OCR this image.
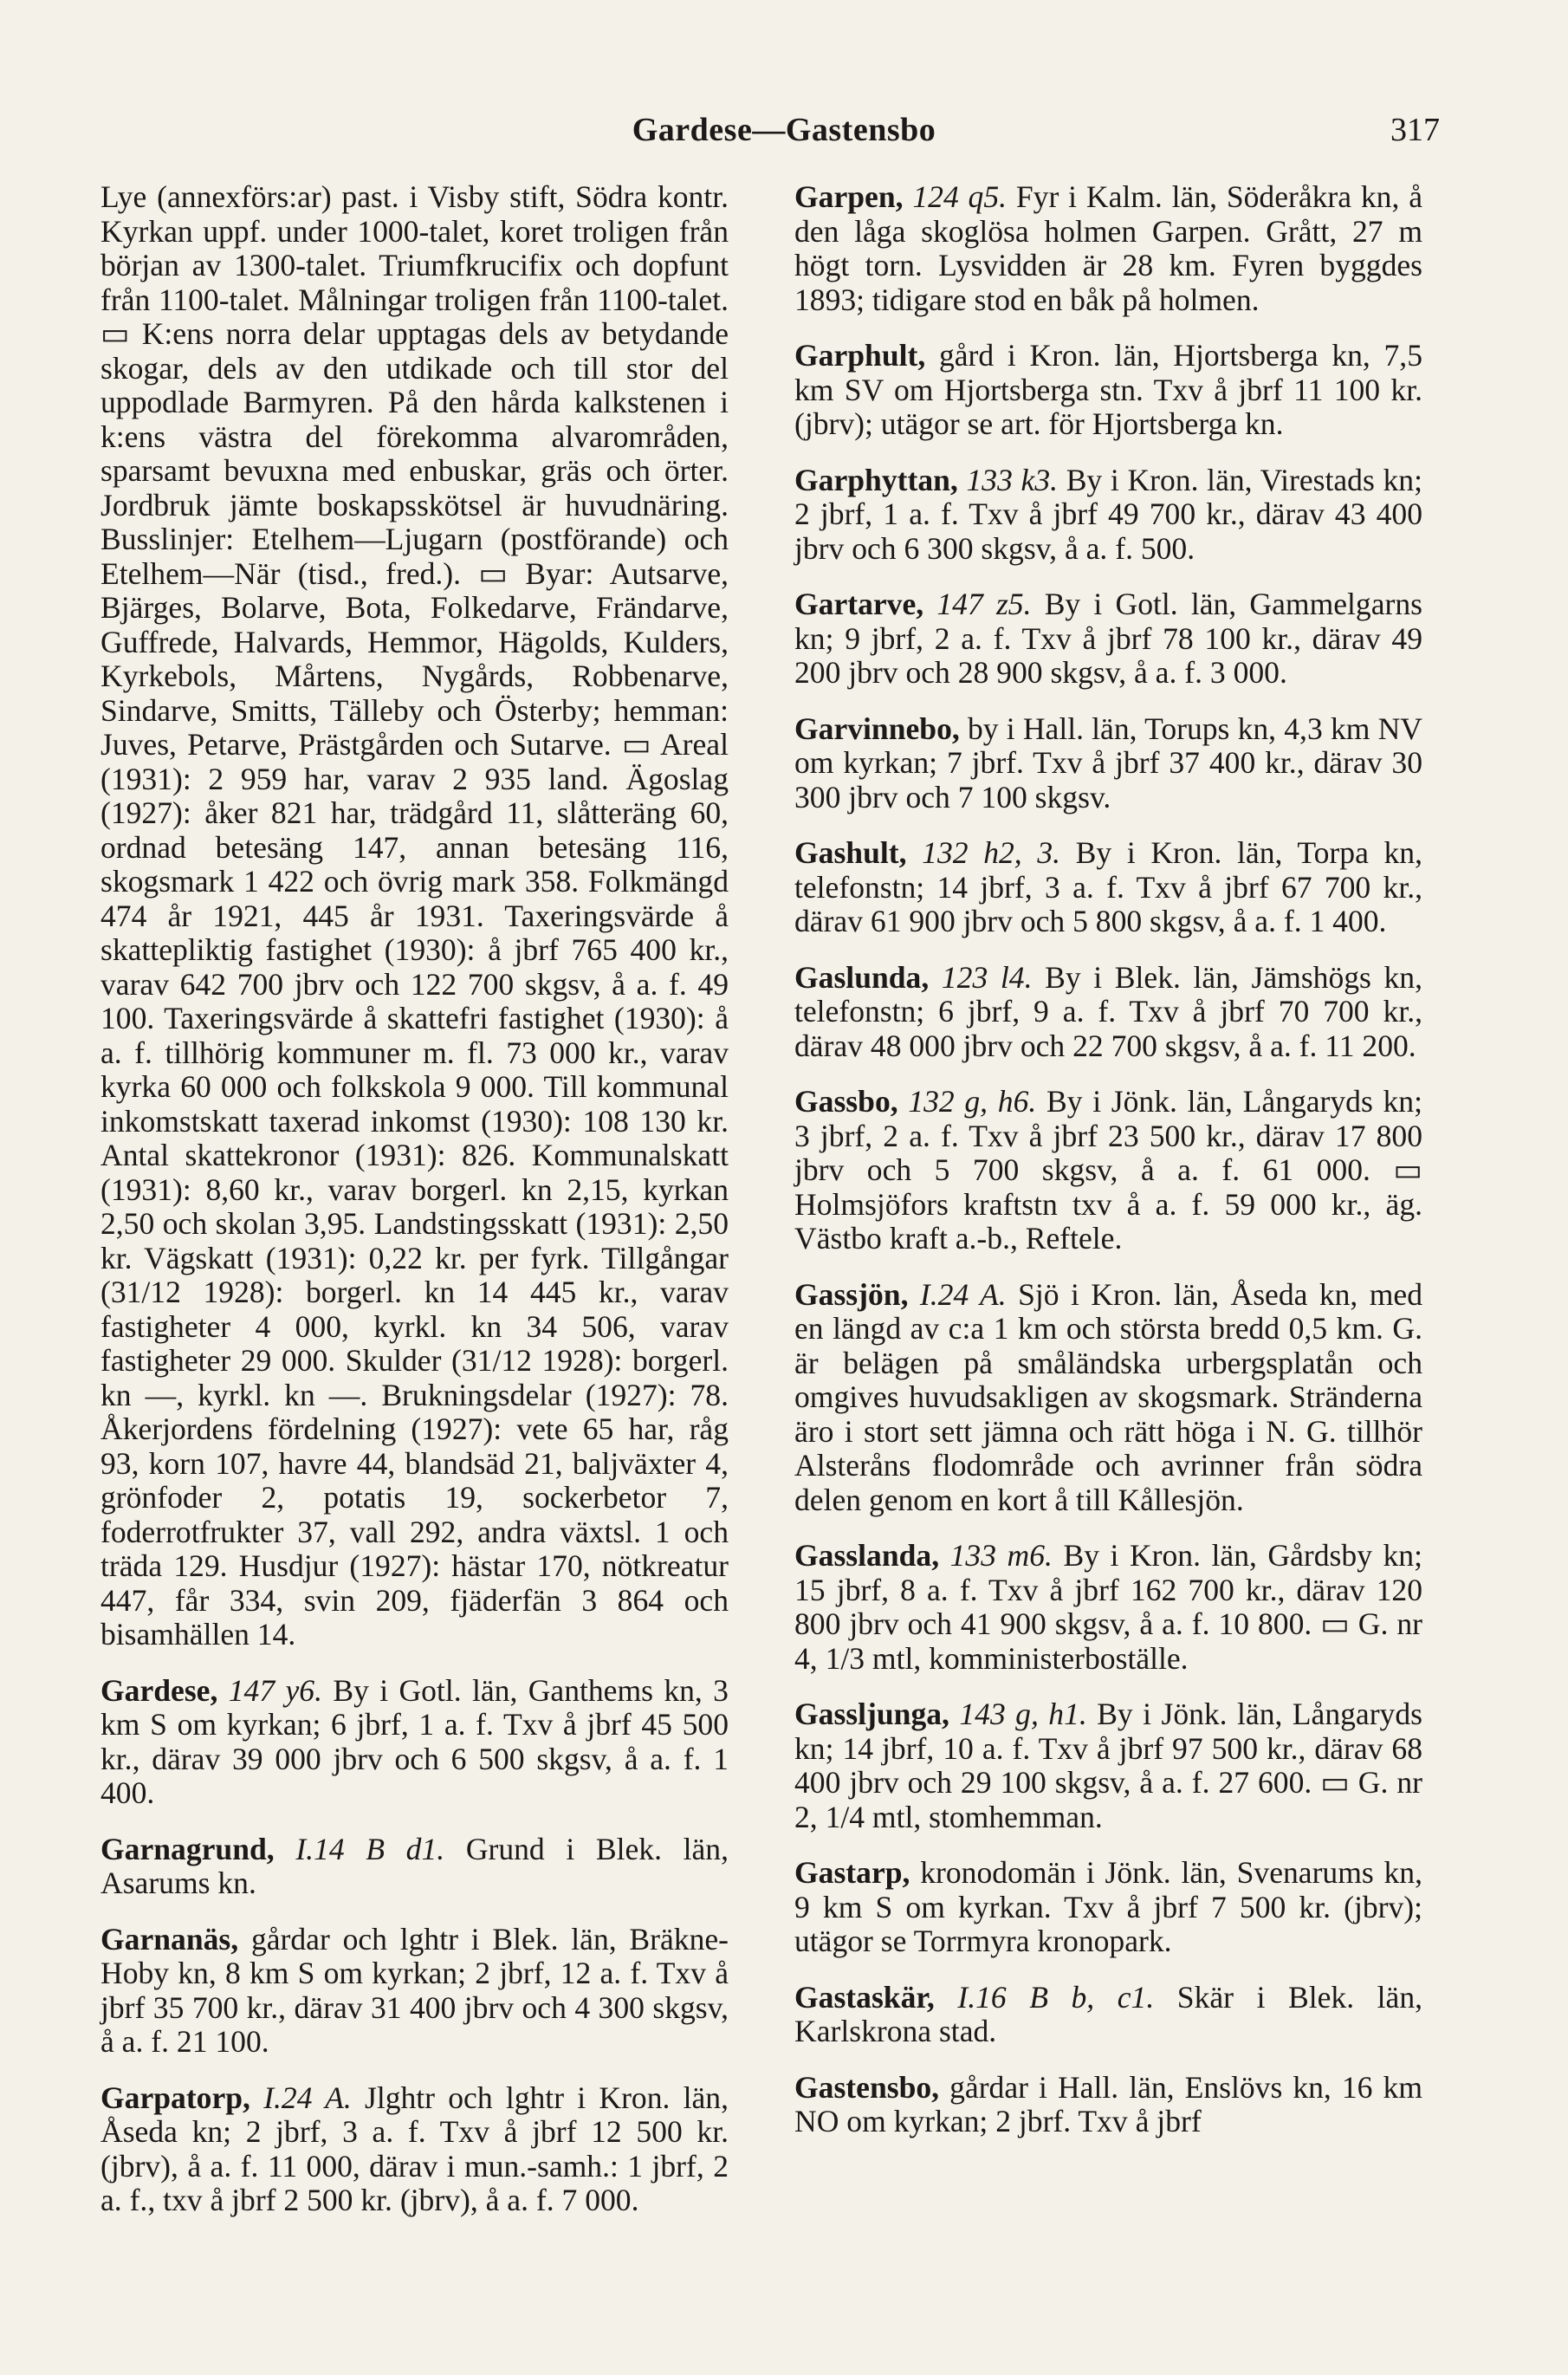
Gardese—Gastensbo	317

Lye (annexförs:ar) past. i Visby stift, Södra kontr. Kyrkan uppf. under 1000-talet, koret troligen från början av 1300-talet. Triumfkrucifix och dopfunt från 1100-talet. Målningar troligen från 1100-talet. ▭ K:ens norra delar upptagas dels av betydande skogar, dels av den utdikade och till stor del uppodlade Barmyren. På den hårda kalkstenen i k:ens västra del förekomma alvarområden, sparsamt bevuxna med enbuskar, gräs och örter. Jordbruk jämte boskapsskötsel är huvudnäring. Busslinjer: Etelhem—Ljugarn (postförande) och Etelhem—När (tisd., fred.). ▭ Byar: Autsarve, Bjärges, Bolarve, Bota, Folkedarve, Frändarve, Guffrede, Halvards, Hemmor, Hägolds, Kulders, Kyrkebols, Mårtens, Nygårds, Robbenarve, Sindarve, Smitts, Tälleby och Österby; hemman: Juves, Petarve, Prästgården och Sutarve. ▭ Areal (1931): 2 959 har, varav 2 935 land. Ägoslag (1927): åker 821 har, trädgård 11, slåtteräng 60, ordnad betesäng 147, annan betesäng 116, skogsmark 1 422 och övrig mark 358. Folkmängd 474 år 1921, 445 år 1931. Taxeringsvärde å skattepliktig fastighet (1930): å jbrf 765 400 kr., varav 642 700 jbrv och 122 700 skgsv, å a. f. 49 100. Taxeringsvärde å skattefri fastighet (1930): å a. f. tillhörig kommuner m. fl. 73 000 kr., varav kyrka 60 000 och folkskola 9 000. Till kommunal inkomstskatt taxerad inkomst (1930): 108 130 kr. Antal skattekronor (1931): 826. Kommunalskatt (1931): 8,60 kr., varav borgerl. kn 2,15, kyrkan 2,50 och skolan 3,95. Landstingsskatt (1931): 2,50 kr. Vägskatt (1931): 0,22 kr. per fyrk. Tillgångar (31/12 1928): borgerl. kn 14 445 kr., varav fastigheter 4 000, kyrkl. kn 34 506, varav fastigheter 29 000. Skulder (31/12 1928): borgerl. kn —, kyrkl. kn —. Brukningsdelar (1927): 78. Åkerjordens fördelning (1927): vete 65 har, råg 93, korn 107, havre 44, blandsäd 21, baljväxter 4, grönfoder 2, potatis 19, sockerbetor 7, foderrotfrukter 37, vall 292, andra växtsl. 1 och träda 129. Husdjur (1927): hästar 170, nötkreatur 447, får 334, svin 209, fjäderfän 3 864 och bisamhällen 14.

Gardese, 147 y6. By i Gotl. län, Ganthems kn, 3 km S om kyrkan; 6 jbrf, 1 a. f. Txv å jbrf 45 500 kr., därav 39 000 jbrv och 6 500 skgsv, å a. f. 1 400.

Garnagrund, I.14 B d1. Grund i Blek. län, Asarums kn.

Garnanäs, gårdar och lghtr i Blek. län, Bräkne-Hoby kn, 8 km S om kyrkan; 2 jbrf, 12 a. f. Txv å jbrf 35 700 kr., därav 31 400 jbrv och 4 300 skgsv, å a. f. 21 100.

Garpatorp, I.24 A. Jlghtr och lghtr i Kron. län, Åseda kn; 2 jbrf, 3 a. f. Txv å jbrf 12 500 kr. (jbrv), å a. f. 11 000, därav i mun.-samh.: 1 jbrf, 2 a. f., txv å jbrf 2 500 kr. (jbrv), å a. f. 7 000.

Garpen, 124 q5. Fyr i Kalm. län, Söderåkra kn, å den låga skoglösa holmen Garpen. Grått, 27 m högt torn. Lysvidden är 28 km. Fyren byggdes 1893; tidigare stod en båk på holmen.

Garphult, gård i Kron. län, Hjortsberga kn, 7,5 km SV om Hjortsberga stn. Txv å jbrf 11 100 kr. (jbrv); utägor se art. för Hjortsberga kn.

Garphyttan, 133 k3. By i Kron. län, Virestads kn; 2 jbrf, 1 a. f. Txv å jbrf 49 700 kr., därav 43 400 jbrv och 6 300 skgsv, å a. f. 500.

Gartarve, 147 z5. By i Gotl. län, Gammelgarns kn; 9 jbrf, 2 a. f. Txv å jbrf 78 100 kr., därav 49 200 jbrv och 28 900 skgsv, å a. f. 3 000.

Garvinnebo, by i Hall. län, Torups kn, 4,3 km NV om kyrkan; 7 jbrf. Txv å jbrf 37 400 kr., därav 30 300 jbrv och 7 100 skgsv.

Gashult, 132 h2, 3. By i Kron. län, Torpa kn, telefonstn; 14 jbrf, 3 a. f. Txv å jbrf 67 700 kr., därav 61 900 jbrv och 5 800 skgsv, å a. f. 1 400.

Gaslunda, 123 l4. By i Blek. län, Jämshögs kn, telefonstn; 6 jbrf, 9 a. f. Txv å jbrf 70 700 kr., därav 48 000 jbrv och 22 700 skgsv, å a. f. 11 200.

Gassbo, 132 g, h6. By i Jönk. län, Långaryds kn; 3 jbrf, 2 a. f. Txv å jbrf 23 500 kr., därav 17 800 jbrv och 5 700 skgsv, å a. f. 61 000. ▭ Holmsjöfors kraftstn txv å a. f. 59 000 kr., äg. Västbo kraft a.-b., Reftele.

Gassjön, I.24 A. Sjö i Kron. län, Åseda kn, med en längd av c:a 1 km och största bredd 0,5 km. G. är belägen på småländska urbergsplatån och omgives huvudsakligen av skogsmark. Stränderna äro i stort sett jämna och rätt höga i N. G. tillhör Alsteråns flodområde och avrinner från södra delen genom en kort å till Kållesjön.

Gasslanda, 133 m6. By i Kron. län, Gårdsby kn; 15 jbrf, 8 a. f. Txv å jbrf 162 700 kr., därav 120 800 jbrv och 41 900 skgsv, å a. f. 10 800. ▭ G. nr 4, 1/3 mtl, komministerboställe.

Gassljunga, 143 g, h1. By i Jönk. län, Långaryds kn; 14 jbrf, 10 a. f. Txv å jbrf 97 500 kr., därav 68 400 jbrv och 29 100 skgsv, å a. f. 27 600. ▭ G. nr 2, 1/4 mtl, stomhemman.

Gastarp, kronodomän i Jönk. län, Svenarums kn, 9 km S om kyrkan. Txv å jbrf 7 500 kr. (jbrv); utägor se Torrmyra kronopark.

Gastaskär, I.16 B b, c1. Skär i Blek. län, Karlskrona stad.

Gastensbo, gårdar i Hall. län, Enslövs kn, 16 km NO om kyrkan; 2 jbrf. Txv å jbrf
